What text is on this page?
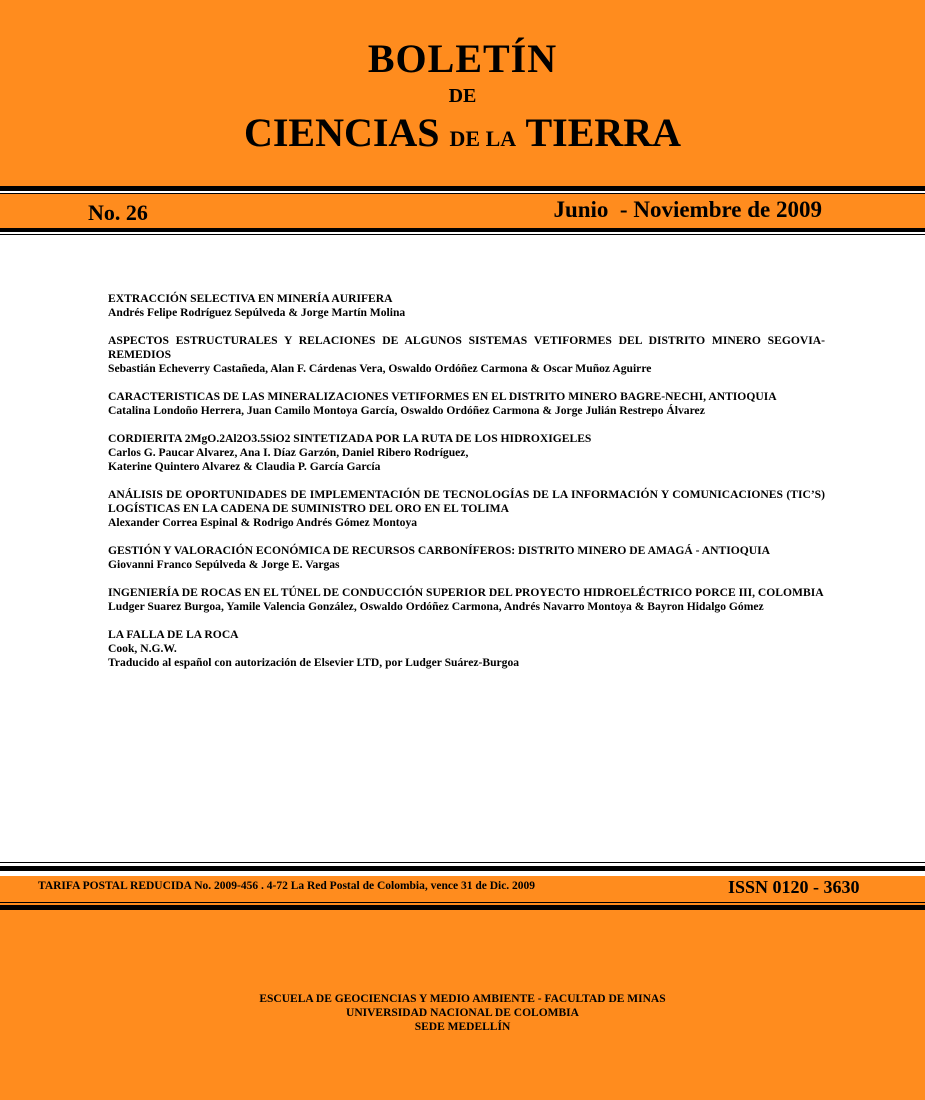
BOLETÍN
DE
CIENCIAS DE LA TIERRA
No. 26	Junio  - Noviembre de 2009
EXTRACCIÓN SELECTIVA EN MINERÍA AURIFERA
Andrés Felipe Rodríguez Sepúlveda & Jorge Martín Molina
ASPECTOS ESTRUCTURALES Y RELACIONES DE ALGUNOS SISTEMAS VETIFORMES DEL DISTRITO MINERO SEGOVIA-REMEDIOS
Sebastián Echeverry Castañeda, Alan F. Cárdenas Vera, Oswaldo Ordóñez Carmona & Oscar Muñoz Aguirre
CARACTERISTICAS DE LAS MINERALIZACIONES VETIFORMES EN EL DISTRITO MINERO BAGRE-NECHI, ANTIOQUIA
Catalina Londoño Herrera, Juan Camilo Montoya García, Oswaldo Ordóñez Carmona & Jorge Julián Restrepo Álvarez
CORDIERITA 2MgO.2Al2O3.5SiO2 SINTETIZADA POR LA RUTA DE LOS HIDROXIGELES
Carlos G. Paucar Alvarez, Ana I. Díaz Garzón, Daniel Ribero Rodríguez,
Katerine Quintero Alvarez & Claudia P. García García
ANÁLISIS DE OPORTUNIDADES DE IMPLEMENTACIÓN DE TECNOLOGÍAS DE LA INFORMACIÓN Y COMUNICACIONES (TIC’S) LOGÍSTICAS EN LA CADENA DE SUMINISTRO DEL ORO EN EL TOLIMA
Alexander Correa Espinal & Rodrigo Andrés Gómez Montoya
GESTIÓN Y VALORACIÓN ECONÓMICA DE RECURSOS CARBONÍFEROS: DISTRITO MINERO DE AMAGÁ - ANTIOQUIA
Giovanni Franco Sepúlveda & Jorge E. Vargas
INGENIERÍA DE ROCAS EN EL TÚNEL DE CONDUCCIÓN SUPERIOR DEL PROYECTO HIDROELÉCTRICO PORCE III, COLOMBIA
Ludger Suarez Burgoa, Yamile Valencia González, Oswaldo Ordóñez Carmona, Andrés Navarro Montoya & Bayron Hidalgo Gómez
LA FALLA DE LA ROCA
Cook, N.G.W.
Traducido al español con autorización de Elsevier LTD, por Ludger Suárez-Burgoa
TARIFA POSTAL REDUCIDA No. 2009-456 . 4-72 La Red Postal de Colombia, vence 31 de Dic. 2009	ISSN 0120 - 3630
ESCUELA DE GEOCIENCIAS Y MEDIO AMBIENTE - FACULTAD DE MINAS
UNIVERSIDAD NACIONAL DE COLOMBIA
SEDE MEDELLÍN
